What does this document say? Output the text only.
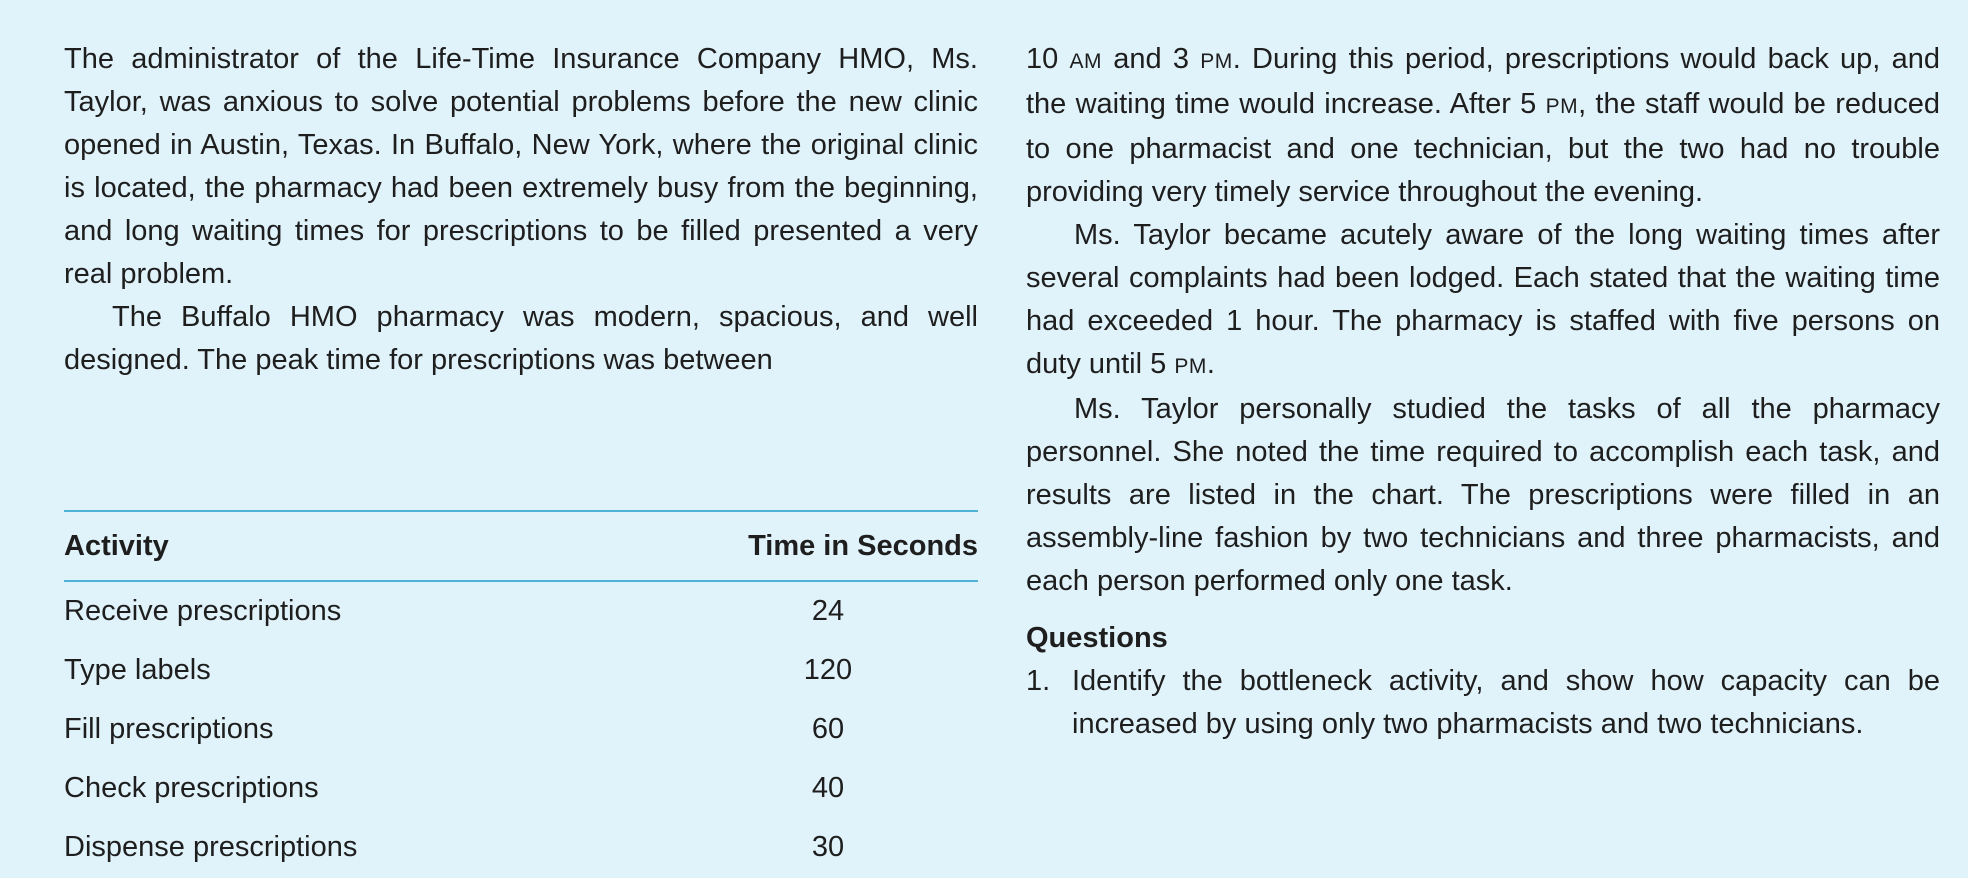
The administrator of the Life-Time Insurance Company HMO, Ms. Taylor, was anxious to solve potential problems before the new clinic opened in Austin, Texas. In Buffalo, New York, where the original clinic is located, the pharmacy had been extremely busy from the beginning, and long waiting times for prescriptions to be filled presented a very real problem.

The Buffalo HMO pharmacy was modern, spacious, and well designed. The peak time for prescriptions was between

Activity	Time in Seconds
Receive prescriptions	24
Type labels	120
Fill prescriptions	60
Check prescriptions	40
Dispense prescriptions	30

10 AM and 3 PM. During this period, prescriptions would back up, and the waiting time would increase. After 5 PM, the staff would be reduced to one pharmacist and one technician, but the two had no trouble providing very timely service throughout the evening.

Ms. Taylor became acutely aware of the long waiting times after several complaints had been lodged. Each stated that the waiting time had exceeded 1 hour. The pharmacy is staffed with five persons on duty until 5 PM.

Ms. Taylor personally studied the tasks of all the pharmacy personnel. She noted the time required to accomplish each task, and results are listed in the chart. The prescriptions were filled in an assembly-line fashion by two technicians and three pharmacists, and each person performed only one task.

Questions

1. Identify the bottleneck activity, and show how capacity can be increased by using only two pharmacists and two technicians.
